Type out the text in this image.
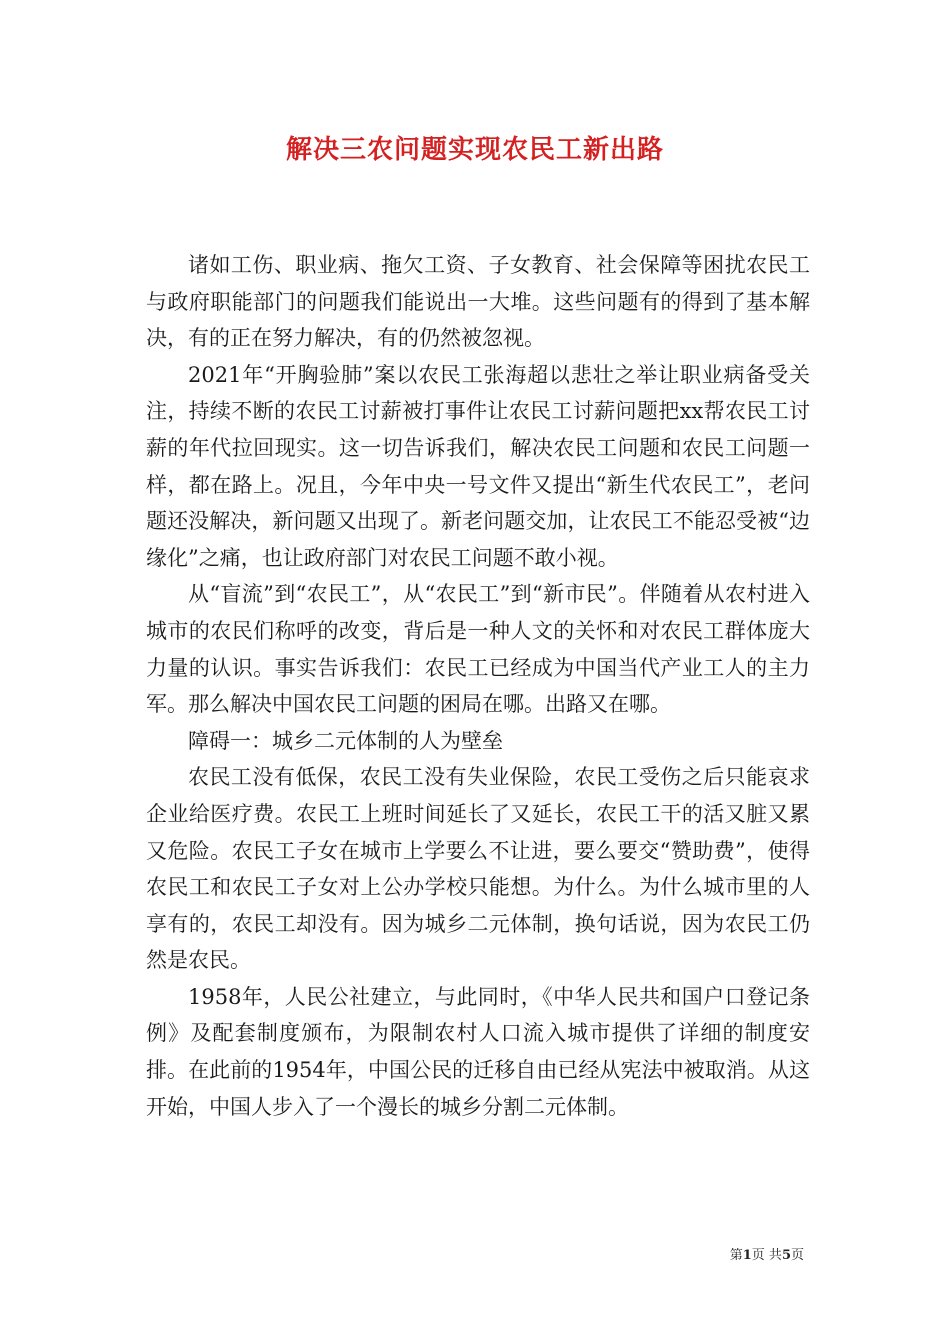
解决三农问题实现农民工新出路

诸如工伤、职业病、拖欠工资、子女教育、社会保障等困扰农民工与政府职能部门的问题我们能说出一大堆。这些问题有的得到了基本解决，有的正在努力解决，有的仍然被忽视。

2021年“开胸验肺”案以农民工张海超以悲壮之举让职业病备受关注，持续不断的农民工讨薪被打事件让农民工讨薪问题把xx帮农民工讨薪的年代拉回现实。这一切告诉我们，解决农民工问题和农民工问题一样，都在路上。况且，今年中央一号文件又提出“新生代农民工”，老问题还没解决，新问题又出现了。新老问题交加，让农民工不能忍受被“边缘化”之痛，也让政府部门对农民工问题不敢小视。

从“盲流”到“农民工”，从“农民工”到“新市民”。伴随着从农村进入城市的农民们称呼的改变，背后是一种人文的关怀和对农民工群体庞大力量的认识。事实告诉我们：农民工已经成为中国当代产业工人的主力军。那么解决中国农民工问题的困局在哪。出路又在哪。

障碍一：城乡二元体制的人为壁垒

农民工没有低保，农民工没有失业保险，农民工受伤之后只能哀求企业给医疗费。农民工上班时间延长了又延长，农民工干的活又脏又累又危险。农民工子女在城市上学要么不让进，要么要交“赞助费”，使得农民工和农民工子女对上公办学校只能想。为什么。为什么城市里的人享有的，农民工却没有。因为城乡二元体制，换句话说，因为农民工仍然是农民。

1958年，人民公社建立，与此同时，《中华人民共和国户口登记条例》及配套制度颁布，为限制农村人口流入城市提供了详细的制度安排。在此前的1954年，中国公民的迁移自由已经从宪法中被取消。从这开始，中国人步入了一个漫长的城乡分割二元体制。

第1页 共5页
